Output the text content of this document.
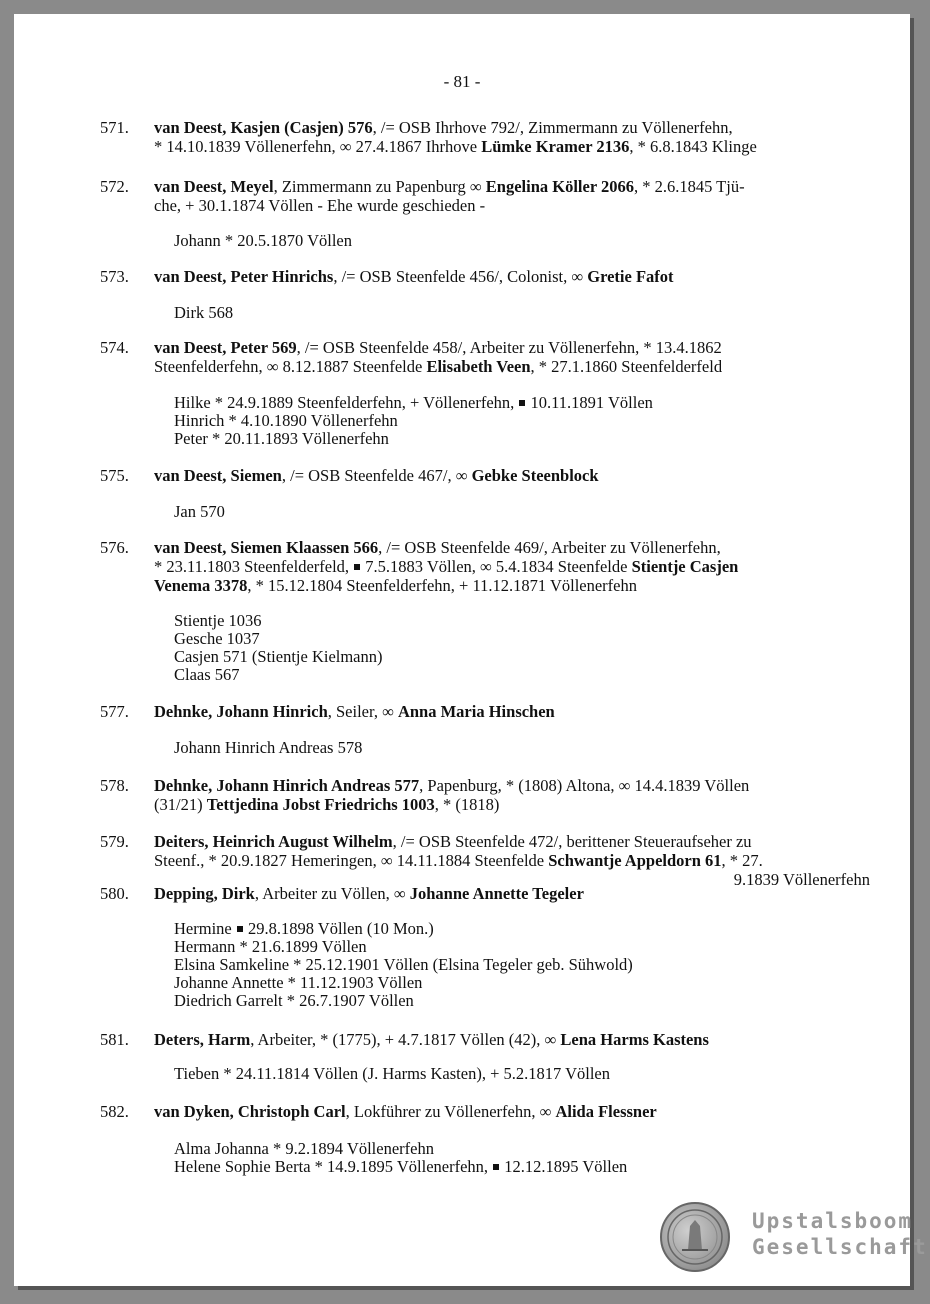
- 81 -
571. van Deest, Kasjen (Casjen) 576, /= OSB Ihrhove 792/, Zimmermann zu Völlenerfehn,
* 14.10.1839 Völlenerfehn, ∞ 27.4.1867 Ihrhove Lümke Kramer 2136, * 6.8.1843 Klinge
572. van Deest, Meyel, Zimmermann zu Papenburg ∞ Engelina Köller 2066, * 2.6.1845 Tjü-
che, + 30.1.1874 Völlen - Ehe wurde geschieden -
Johann * 20.5.1870 Völlen
573. van Deest, Peter Hinrichs, /= OSB Steenfelde 456/, Colonist, ∞ Gretie Fafot
Dirk 568
574. van Deest, Peter 569, /= OSB Steenfelde 458/, Arbeiter zu Völlenerfehn, * 13.4.1862
Steenfelderfehn, ∞ 8.12.1887 Steenfelde Elisabeth Veen, * 27.1.1860 Steenfelderfeld
Hilke * 24.9.1889 Steenfelderfehn, + Völlenerfehn,  10.11.1891 Völlen
Hinrich * 4.10.1890 Völlenerfehn
Peter * 20.11.1893 Völlenerfehn
575. van Deest, Siemen, /= OSB Steenfelde 467/, ∞ Gebke Steenblock
Jan 570
576. van Deest, Siemen Klaassen 566, /= OSB Steenfelde 469/, Arbeiter zu Völlenerfehn,
* 23.11.1803 Steenfelderfeld,  7.5.1883 Völlen, ∞ 5.4.1834 Steenfelde Stientje Casjen
Venema 3378, * 15.12.1804 Steenfelderfehn, + 11.12.1871 Völlenerfehn
Stientje 1036
Gesche 1037
Casjen 571 (Stientje Kielmann)
Claas 567
577. Dehnke, Johann Hinrich, Seiler, ∞ Anna Maria Hinschen
Johann Hinrich Andreas 578
578. Dehnke, Johann Hinrich Andreas 577, Papenburg, * (1808) Altona, ∞ 14.4.1839 Völlen
(31/21) Tettjedina Jobst Friedrichs 1003, * (1818)
579. Deiters, Heinrich August Wilhelm, /= OSB Steenfelde 472/, berittener Steueraufseher zu
Steenf., * 20.9.1827 Hemeringen, ∞ 14.11.1884 Steenfelde Schwantje Appeldorn 61, * 27.
9.1839 Völlenerfehn
580. Depping, Dirk, Arbeiter zu Völlen, ∞ Johanne Annette Tegeler
Hermine  29.8.1898 Völlen (10 Mon.)
Hermann * 21.6.1899 Völlen
Elsina Samkeline * 25.12.1901 Völlen (Elsina Tegeler geb. Sühwold)
Johanne Annette * 11.12.1903 Völlen
Diedrich Garrelt * 26.7.1907 Völlen
581. Deters, Harm, Arbeiter, * (1775), + 4.7.1817 Völlen (42), ∞ Lena Harms Kastens
Tieben * 24.11.1814 Völlen (J. Harms Kasten), + 5.2.1817 Völlen
582. van Dyken, Christoph Carl, Lokführer zu Völlenerfehn, ∞ Alida Flessner
Alma Johanna * 9.2.1894 Völlenerfehn
Helene Sophie Berta * 14.9.1895 Völlenerfehn,  12.12.1895 Völlen
Upstalsboom
Gesellschaft
